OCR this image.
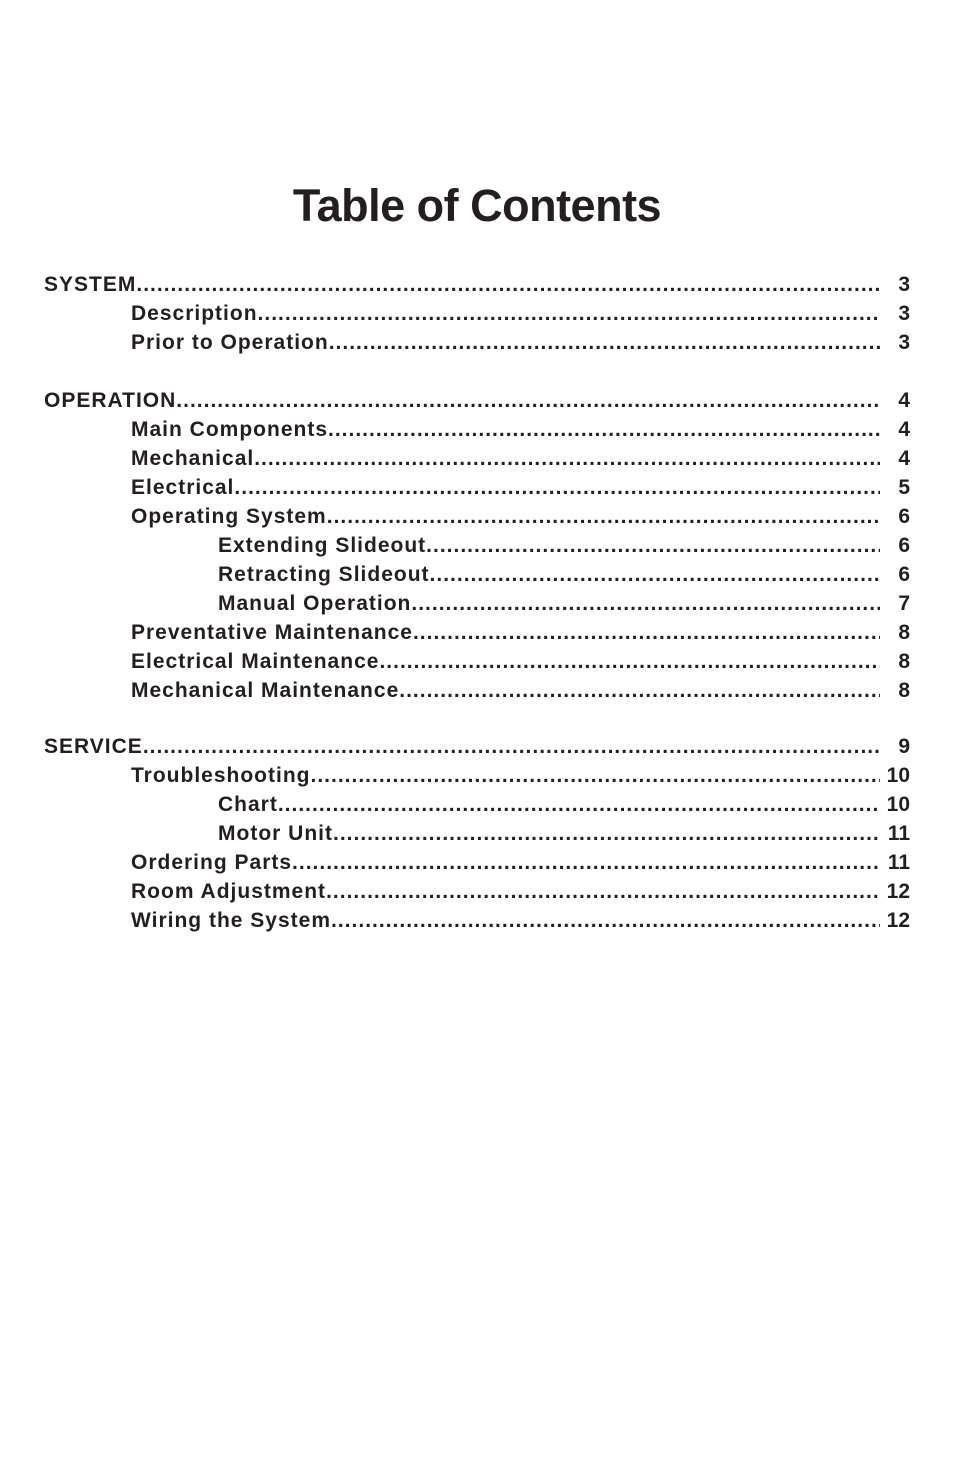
Table of Contents
SYSTEM .....	3
Description .....	3
Prior to Operation .....	3
OPERATION .....	4
Main Components .....	4
Mechanical .....	4
Electrical .....	5
Operating System .....	6
Extending Slideout .....	6
Retracting Slideout .....	6
Manual Operation .....	7
Preventative Maintenance .....	8
Electrical Maintenance .....	8
Mechanical Maintenance .....	8
SERVICE .....	9
Troubleshooting .....	10
Chart .....	10
Motor Unit .....	11
Ordering Parts .....	11
Room Adjustment .....	12
Wiring the System .....	12
